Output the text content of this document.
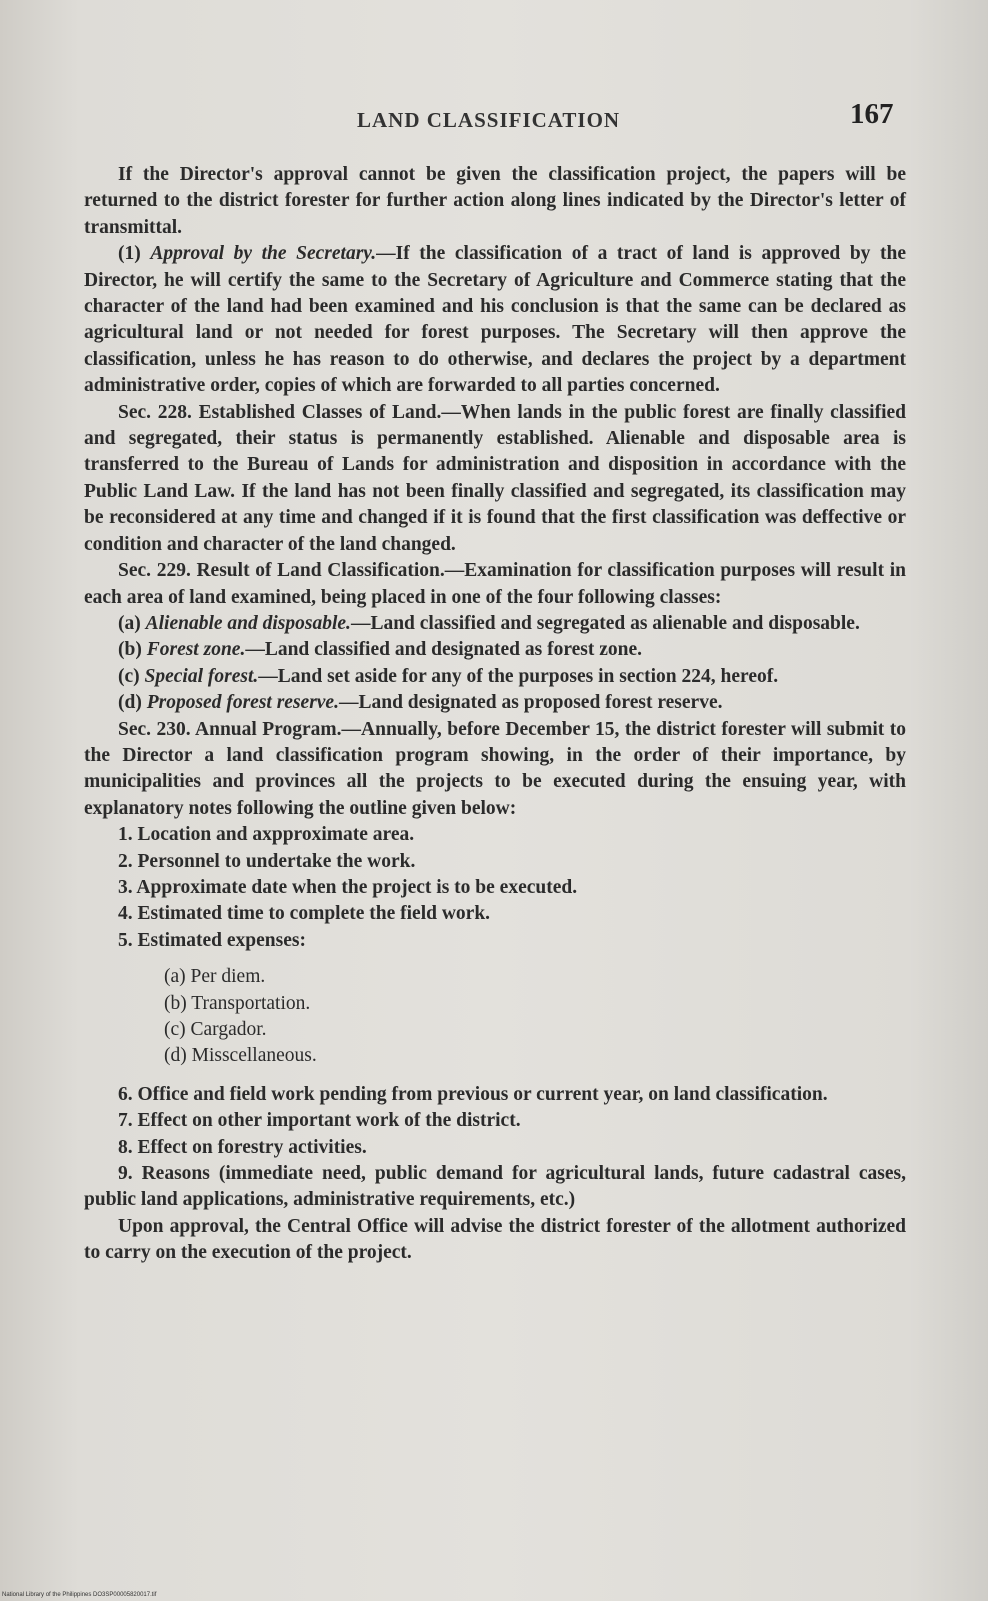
LAND CLASSIFICATION	167

If the Director's approval cannot be given the classification project, the papers will be returned to the district forester for further action along lines indicated by the Director's letter of transmittal.

(1) Approval by the Secretary.—If the classification of a tract of land is approved by the Director, he will certify the same to the Secretary of Agriculture and Commerce stating that the character of the land had been examined and his conclusion is that the same can be declared as agricultural land or not needed for forest purposes. The Secretary will then approve the classification, unless he has reason to do otherwise, and declares the project by a department administrative order, copies of which are forwarded to all parties concerned.

Sec. 228. Established Classes of Land.—When lands in the public forest are finally classified and segregated, their status is permanently established. Alienable and disposable area is transferred to the Bureau of Lands for administration and disposition in accordance with the Public Land Law. If the land has not been finally classified and segregated, its classification may be reconsidered at any time and changed if it is found that the first classification was deffective or condition and character of the land changed.

Sec. 229. Result of Land Classification.—Examination for classification purposes will result in each area of land examined, being placed in one of the four following classes:

(a) Alienable and disposable.—Land classified and segregated as alienable and disposable.

(b) Forest zone.—Land classified and designated as forest zone.

(c) Special forest.—Land set aside for any of the purposes in section 224, hereof.

(d) Proposed forest reserve.—Land designated as proposed forest reserve.

Sec. 230. Annual Program.—Annually, before December 15, the district forester will submit to the Director a land classification program showing, in the order of their importance, by municipalities and provinces all the projects to be executed during the ensuing year, with explanatory notes following the outline given below:

1. Location and axpproximate area.
2. Personnel to undertake the work.
3. Approximate date when the project is to be executed.
4. Estimated time to complete the field work.
5. Estimated expenses:
(a) Per diem.
(b) Transportation.
(c) Cargador.
(d) Misscellaneous.

6. Office and field work pending from previous or current year, on land classification.

7. Effect on other important work of the district.

8. Effect on forestry activities.

9. Reasons (immediate need, public demand for agricultural lands, future cadastral cases, public land applications, administrative requirements, etc.)

Upon approval, the Central Office will advise the district forester of the allotment authorized to carry on the execution of the project.

National Library of the Philippines DO3SP00005820017.tif
